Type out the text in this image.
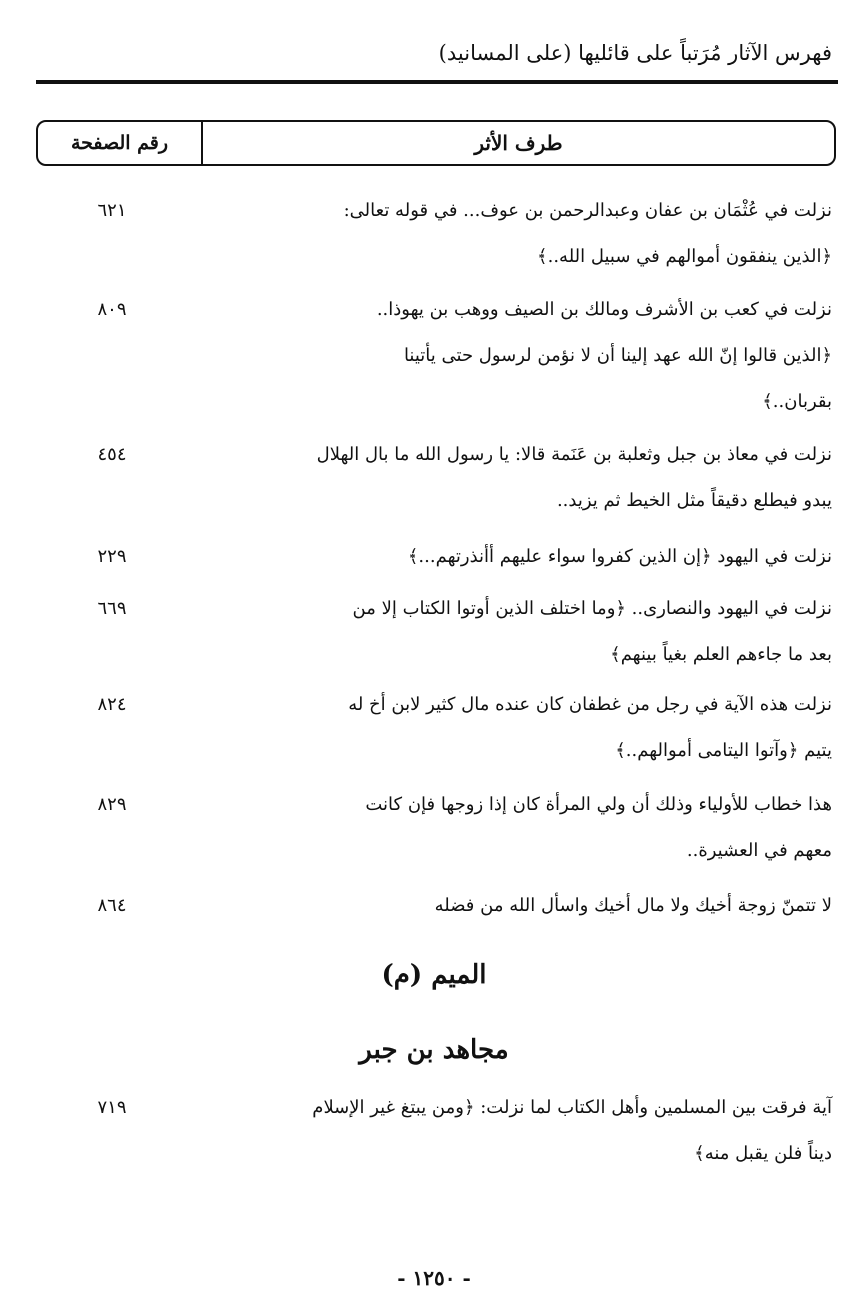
فهرس الآثار مُرَتباً على قائليها (على المسانيد)
طرف الأثر
رقم الصفحة
نزلت في عُثْمَان بن عفان وعبدالرحمن بن عوف... في قوله تعالى:
﴿الذين ينفقون أموالهم في سبيل الله..﴾
٦٢١
نزلت في كعب بن الأشرف ومالك بن الصيف ووهب بن يهوذا..
﴿الذين قالوا إنّ الله عهد إلينا أن لا نؤمن لرسول حتى يأتينا
بقربان..﴾
٨٠٩
نزلت في معاذ بن جبل وثعلبة بن عَنَمة قالا: يا رسول الله ما بال الهلال
يبدو فيطلع دقيقاً مثل الخيط ثم يزيد..
٤٥٤
نزلت في اليهود ﴿إن الذين كفروا سواء عليهم أأنذرتهم...﴾
٢٢٩
نزلت في اليهود والنصارى.. ﴿وما اختلف الذين أوتوا الكتاب إلا من
بعد ما جاءهم العلم بغياً بينهم﴾
٦٦٩
نزلت هذه الآية في رجل من غطفان كان عنده مال كثير لابن أخ له
يتيم ﴿وآتوا اليتامى أموالهم..﴾
٨٢٤
هذا خطاب للأولياء وذلك أن ولي المرأة كان إذا زوجها فإن كانت
معهم في العشيرة..
٨٢٩
لا تتمنّ زوجة أخيك ولا مال أخيك واسأل الله من فضله
٨٦٤
الميم (م)
مجاهد بن جبر
آية فرقت بين المسلمين وأهل الكتاب لما نزلت: ﴿ومن يبتغ غير الإسلام
ديناً فلن يقبل منه﴾
٧١٩
- ١٢٥٠ -
